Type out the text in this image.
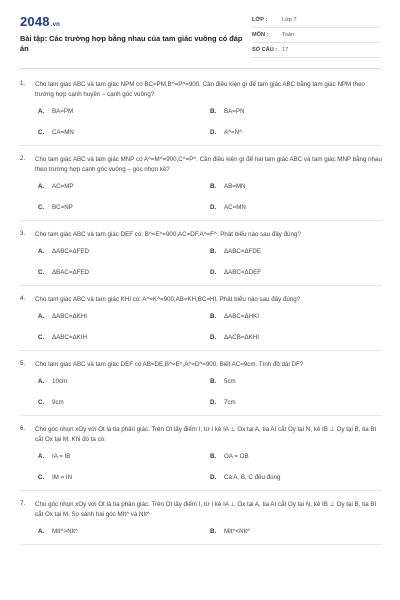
2048.vn
Bài tập: Các trường hợp bằng nhau của tam giác vuông có đáp án
LỚP :	Lớp 7
MÔN : Toán
SỐ CÂU : 17
1. Cho tam giác ABC và tam giác NPM có BC=PM,B^=P^=900. Cần điều kiện gì để tam giác ABC bằng tam giác NPM theo trường hợp cạnh huyền – cạnh góc vuông?
A.	BA=PM	B.	BA=PN
C.	CA=MN	D.	A^=N^
2. Cho tam giác ABC và tam giác MNP có A^=M^=900,C^=P^. Cần điều kiện gì để hai tam giác ABC và tam giác MNP bằng nhau theo trường hợp cạnh góc vuông – góc nhọn kề?
A.	AC=MP	B.	AB=MN
C.	BC=NP	D.	AC=MN
3. Cho tam giác ABC và tam giác DEF có: B^=E^=900,AC=DF,A^=F^. Phát biểu nào sau đây đúng?
A.	ΔABC=ΔFED	B.	ΔABC=ΔFDE
C.	ΔBAC=ΔFED	D.	ΔABC=ΔDEF
4. Cho tam giác ABC và tam giác KHI có: A^=K^=900,AB=KH,BC=HI. Phát biểu nào sau đây đúng?
A.	ΔABC=ΔKHI	B.	ΔABC=ΔHKI
C.	ΔABC=ΔKIH	D.	ΔACB=ΔKHI
5. Cho tam giác ABC và tam giác DEF có AB=DE,B^=E^,A^=D^=900. Biết AC=9cm. Tính độ dài DF?
A.	10cm	B.	5cm
C.	9cm	D.	7cm
6. Cho góc nhọn xOy với Ot là tia phân giác. Trên Ot lấy điểm I, từ I kẻ IA ⊥ Ox tại A, tia AI cắt Oy tại N, kẻ IB ⊥ Oy tại B, tia BI cắt Ox tại M. Khi đó ta có:
A.	IA = IB	B.	OA = OB
C.	IM = IN	D.	Cả A, B, C đều đúng
7. Cho góc nhọn xOy với Ot là tia phân giác. Trên Ot lấy điểm I, từ I kẻ IA ⊥ Ox tại A, tia AI cắt Oy tại N, kẻ IB ⊥ Oy tại B, tia BI cắt Ox tại M. So sánh hai góc MIt^ và NIt^
A.	MIt^>NIt^	B.	MIt^<NIt^
